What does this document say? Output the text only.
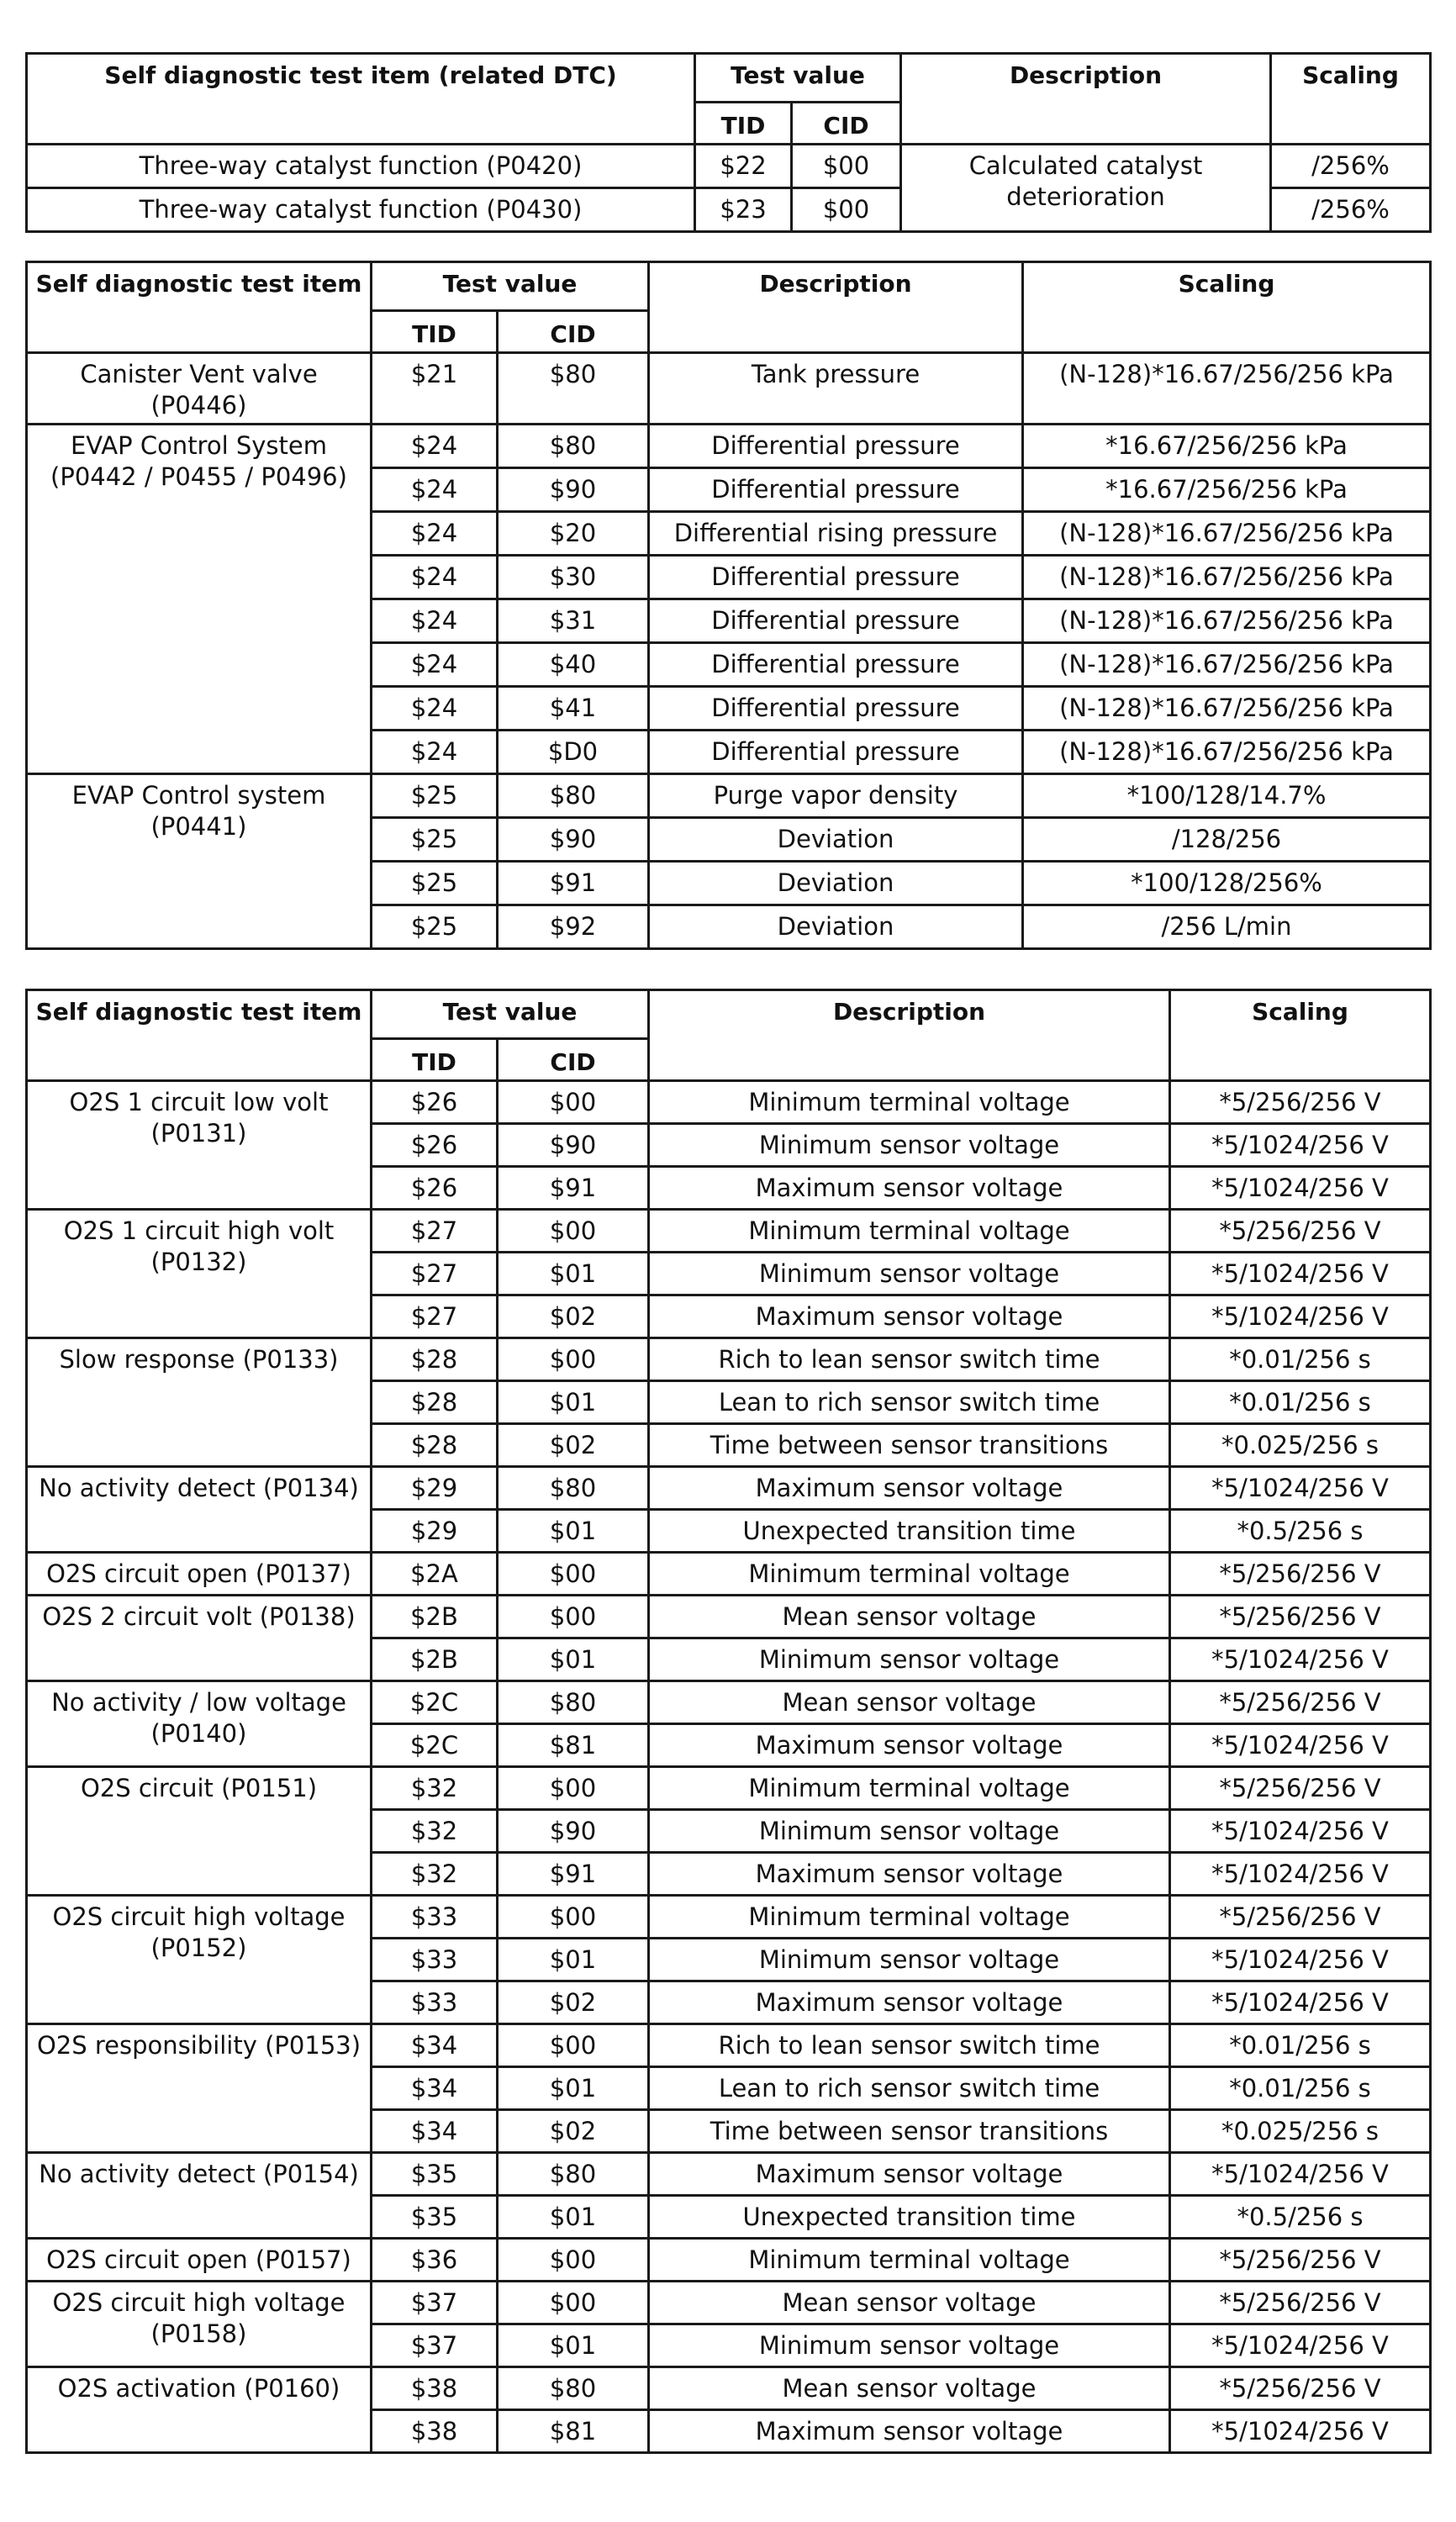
Self diagnostic test item (related DTC)	Test value		Description	Scaling
	TID	CID		
Three-way catalyst function (P0420)	$22	$00	Calculated catalyst deterioration	/256%
Three-way catalyst function (P0430)	$23	$00		/256%
Self diagnostic test item	Test value		Description	Scaling
	TID	CID		
Canister Vent valve (P0446)	$21	$80	Tank pressure	(N-128)*16.67/256/256 kPa
EVAP Control System (P0442 / P0455 / P0496)	$24	$80	Differential pressure	*16.67/256/256 kPa
	$24	$90	Differential pressure	*16.67/256/256 kPa
	$24	$20	Differential rising pressure	(N-128)*16.67/256/256 kPa
	$24	$30	Differential pressure	(N-128)*16.67/256/256 kPa
	$24	$31	Differential pressure	(N-128)*16.67/256/256 kPa
	$24	$40	Differential pressure	(N-128)*16.67/256/256 kPa
	$24	$41	Differential pressure	(N-128)*16.67/256/256 kPa
	$24	$D0	Differential pressure	(N-128)*16.67/256/256 kPa
EVAP Control system (P0441)	$25	$80	Purge vapor density	*100/128/14.7%
	$25	$90	Deviation	/128/256
	$25	$91	Deviation	*100/128/256%
	$25	$92	Deviation	/256 L/min
Self diagnostic test item	Test value		Description	Scaling
	TID	CID		
O2S 1 circuit low volt (P0131)	$26	$00	Minimum terminal voltage	*5/256/256 V
	$26	$90	Minimum sensor voltage	*5/1024/256 V
	$26	$91	Maximum sensor voltage	*5/1024/256 V
O2S 1 circuit high volt (P0132)	$27	$00	Minimum terminal voltage	*5/256/256 V
	$27	$01	Minimum sensor voltage	*5/1024/256 V
	$27	$02	Maximum sensor voltage	*5/1024/256 V
Slow response (P0133)	$28	$00	Rich to lean sensor switch time	*0.01/256 s
	$28	$01	Lean to rich sensor switch time	*0.01/256 s
	$28	$02	Time between sensor transitions	*0.025/256 s
No activity detect (P0134)	$29	$80	Maximum sensor voltage	*5/1024/256 V
	$29	$01	Unexpected transition time	*0.5/256 s
O2S circuit open (P0137)	$2A	$00	Minimum terminal voltage	*5/256/256 V
O2S 2 circuit volt (P0138)	$2B	$00	Mean sensor voltage	*5/256/256 V
	$2B	$01	Minimum sensor voltage	*5/1024/256 V
No activity / low voltage (P0140)	$2C	$80	Mean sensor voltage	*5/256/256 V
	$2C	$81	Maximum sensor voltage	*5/1024/256 V
O2S circuit (P0151)	$32	$00	Minimum terminal voltage	*5/256/256 V
	$32	$90	Minimum sensor voltage	*5/1024/256 V
	$32	$91	Maximum sensor voltage	*5/1024/256 V
O2S circuit high voltage (P0152)	$33	$00	Minimum terminal voltage	*5/256/256 V
	$33	$01	Minimum sensor voltage	*5/1024/256 V
	$33	$02	Maximum sensor voltage	*5/1024/256 V
O2S responsibility (P0153)	$34	$00	Rich to lean sensor switch time	*0.01/256 s
	$34	$01	Lean to rich sensor switch time	*0.01/256 s
	$34	$02	Time between sensor transitions	*0.025/256 s
No activity detect (P0154)	$35	$80	Maximum sensor voltage	*5/1024/256 V
	$35	$01	Unexpected transition time	*0.5/256 s
O2S circuit open (P0157)	$36	$00	Minimum terminal voltage	*5/256/256 V
O2S circuit high voltage (P0158)	$37	$00	Mean sensor voltage	*5/256/256 V
	$37	$01	Minimum sensor voltage	*5/1024/256 V
O2S activation (P0160)	$38	$80	Mean sensor voltage	*5/256/256 V
	$38	$81	Maximum sensor voltage	*5/1024/256 V
